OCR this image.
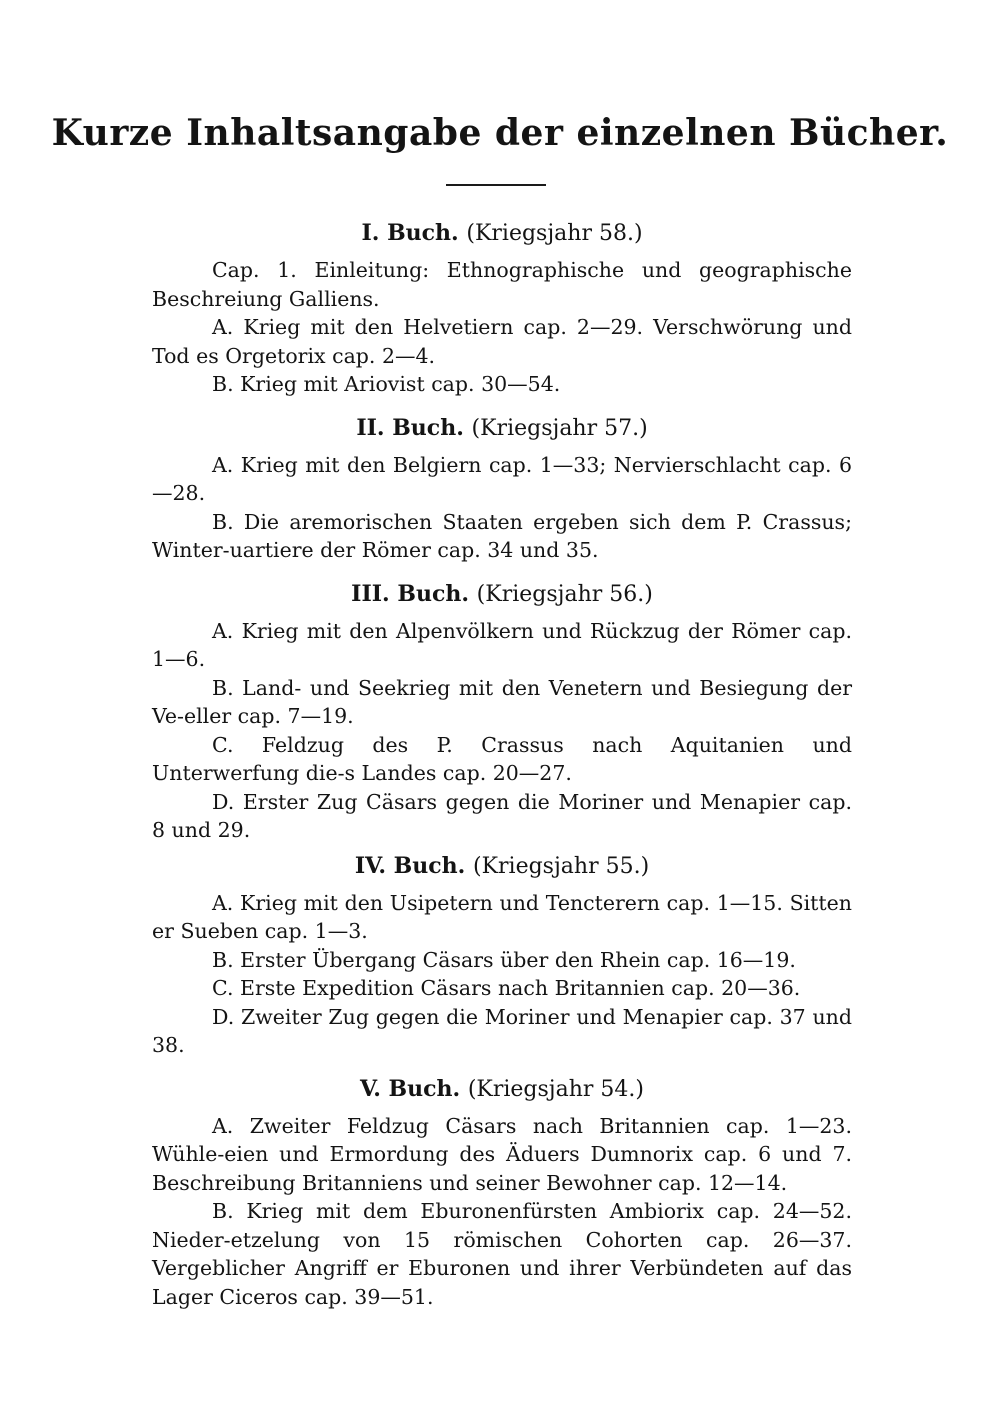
Kurze Inhaltsangabe der einzelnen Bücher.
I. Buch. (Kriegsjahr 58.)

Cap. 1. Einleitung: Ethnographische und geographische Beschreiung Galliens.

A. Krieg mit den Helvetiern cap. 2—29. Verschwörung und Tod es Orgetorix cap. 2—4.

B. Krieg mit Ariovist cap. 30—54.

II. Buch. (Kriegsjahr 57.)

A. Krieg mit den Belgiern cap. 1—33; Nervierschlacht cap. 6—28.

B. Die aremorischen Staaten ergeben sich dem P. Crassus; Winter-uartiere der Römer cap. 34 und 35.

III. Buch. (Kriegsjahr 56.)

A. Krieg mit den Alpenvölkern und Rückzug der Römer cap. 1—6.

B. Land- und Seekrieg mit den Venetern und Besiegung der Ve-eller cap. 7—19.

C. Feldzug des P. Crassus nach Aquitanien und Unterwerfung die-s Landes cap. 20—27.

D. Erster Zug Cäsars gegen die Moriner und Menapier cap. 8 und 29.

IV. Buch. (Kriegsjahr 55.)

A. Krieg mit den Usipetern und Tencterern cap. 1—15. Sitten er Sueben cap. 1—3.

B. Erster Übergang Cäsars über den Rhein cap. 16—19.

C. Erste Expedition Cäsars nach Britannien cap. 20—36.

D. Zweiter Zug gegen die Moriner und Menapier cap. 37 und 38.

V. Buch. (Kriegsjahr 54.)

A. Zweiter Feldzug Cäsars nach Britannien cap. 1—23. Wühle-eien und Ermordung des Äduers Dumnorix cap. 6 und 7. Beschreibung Britanniens und seiner Bewohner cap. 12—14.

B. Krieg mit dem Eburonenfürsten Ambiorix cap. 24—52. Nieder-etzelung von 15 römischen Cohorten cap. 26—37. Vergeblicher Angriff er Eburonen und ihrer Verbündeten auf das Lager Ciceros cap. 39—51.
